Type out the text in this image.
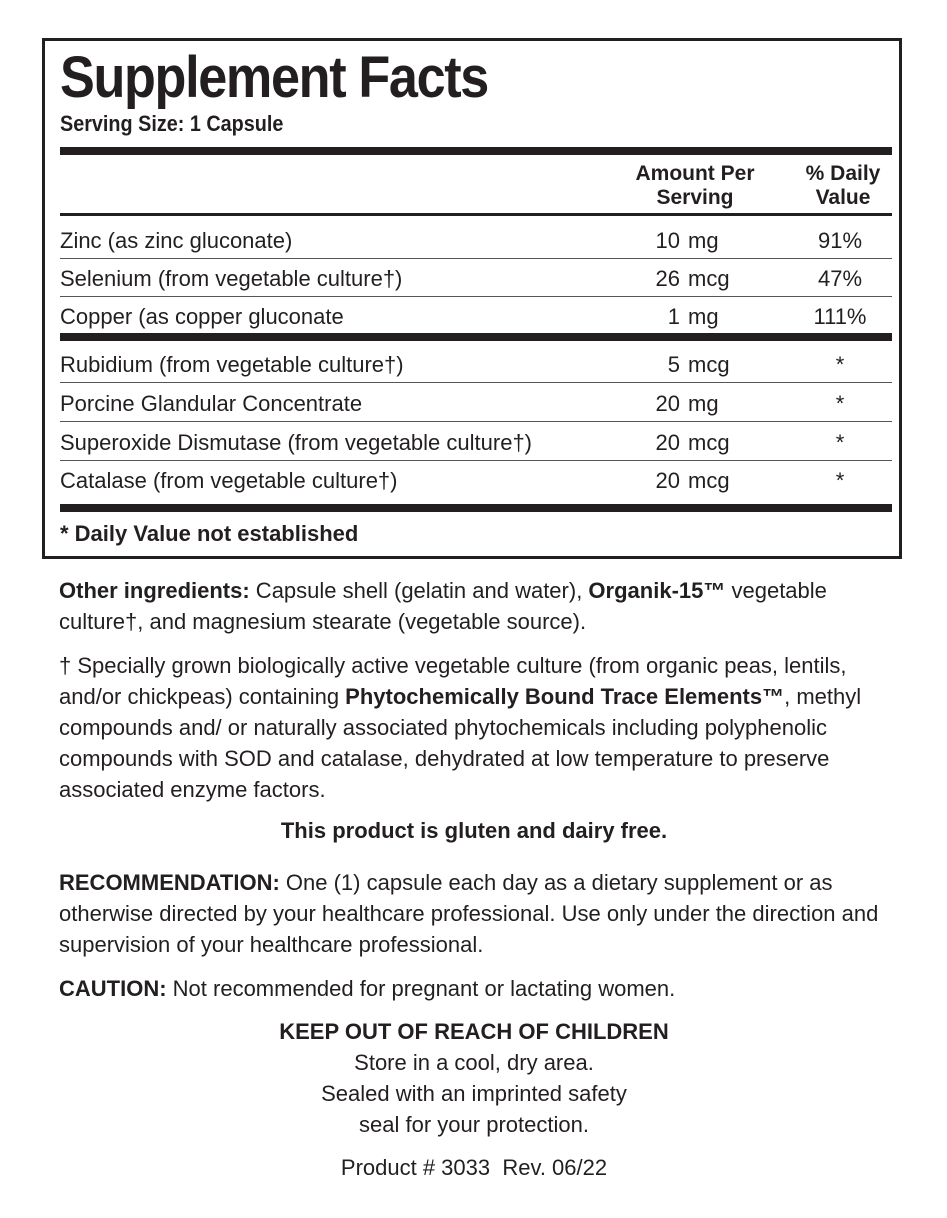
Supplement Facts
Serving Size: 1 Capsule
Amount Per
Serving
% Daily
Value
* Daily Value not established
Zinc (as zinc gluconate)	10 mg	91%
Selenium (from vegetable culture†)	26 mcg	47%
Copper (as copper gluconate	1 mg	111%
Rubidium (from vegetable culture†)	5 mcg	*
Porcine Glandular Concentrate	20 mg	*
Superoxide Dismutase (from vegetable culture†)	20 mcg	*
Catalase (from vegetable culture†)	20 mcg	*
Other ingredients: Capsule shell (gelatin and water), Organik-15™ vegetable
culture†, and magnesium stearate (vegetable source).
† Specially grown biologically active vegetable culture (from organic peas, lentils, and/or chickpeas) containing Phytochemically Bound Trace Elements™, methyl compounds and/ or naturally associated phytochemicals including polyphenolic compounds with SOD and catalase, dehydrated at low temperature to preserve associated enzyme factors.
This product is gluten and dairy free.
RECOMMENDATION: One (1) capsule each day as a dietary supplement or as otherwise directed by your healthcare professional. Use only under the direction and supervision of your healthcare professional.
CAUTION: Not recommended for pregnant or lactating women.
KEEP OUT OF REACH OF CHILDREN
Store in a cool, dry area.
Sealed with an imprinted safety
seal for your protection.
Product # 3033  Rev. 06/22
